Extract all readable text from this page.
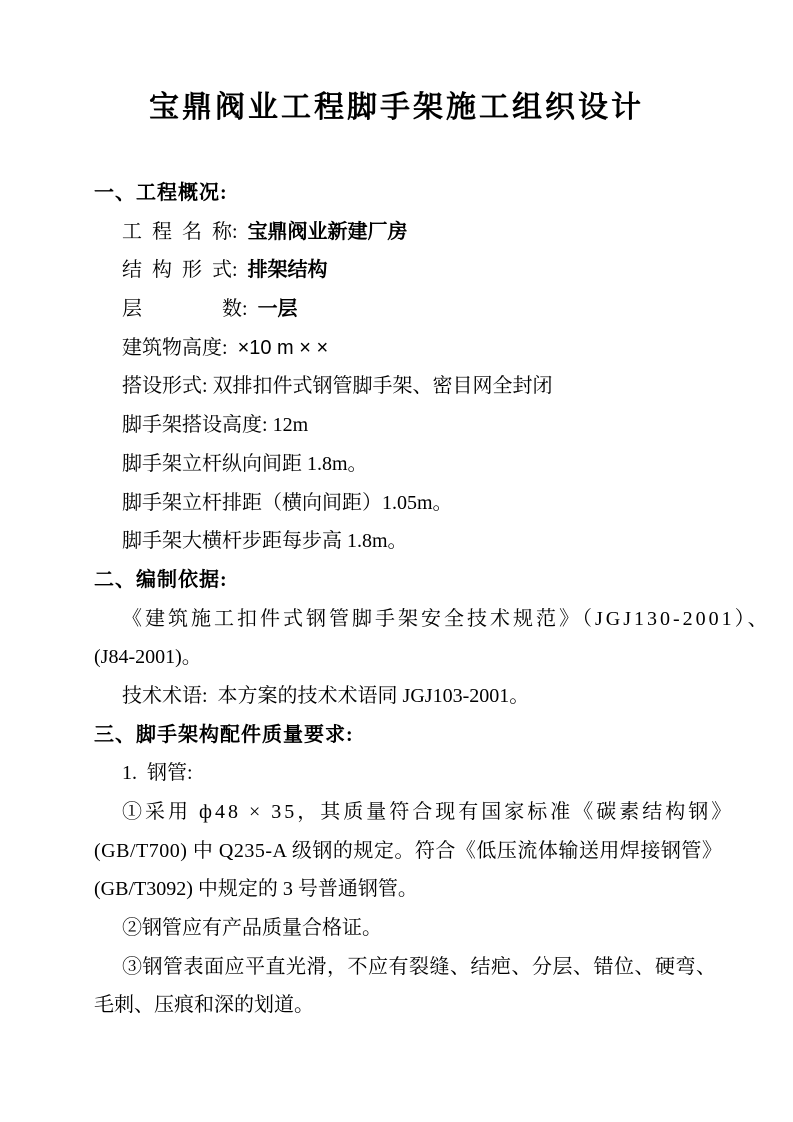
宝鼎阀业工程脚手架施工组织设计
一、工程概况:
工  程  名  称:  宝鼎阀业新建厂房
结  构  形  式:  排架结构
层　　　　数:  一层
建筑物高度:  ×10 m × ×
搭设形式: 双排扣件式钢管脚手架、密目网全封闭
脚手架搭设高度: 12m
脚手架立杆纵向间距 1.8m。
脚手架立杆排距（横向间距）1.05m。
脚手架大横杆步距每步高 1.8m。
二、编制依据:
《建筑施工扣件式钢管脚手架安全技术规范》（JGJ130-2001）、
(J84-2001)。
技术术语:  本方案的技术术语同 JGJ103-2001。
三、脚手架构配件质量要求:
1.  钢管:
①采用 ф48 × 35，其质量符合现有国家标准《碳素结构钢》
(GB/T700) 中 Q235-A 级钢的规定。符合《低压流体输送用焊接钢管》
(GB/T3092) 中规定的 3 号普通钢管。
②钢管应有产品质量合格证。
③钢管表面应平直光滑，不应有裂缝、结疤、分层、错位、硬弯、
毛刺、压痕和深的划道。
